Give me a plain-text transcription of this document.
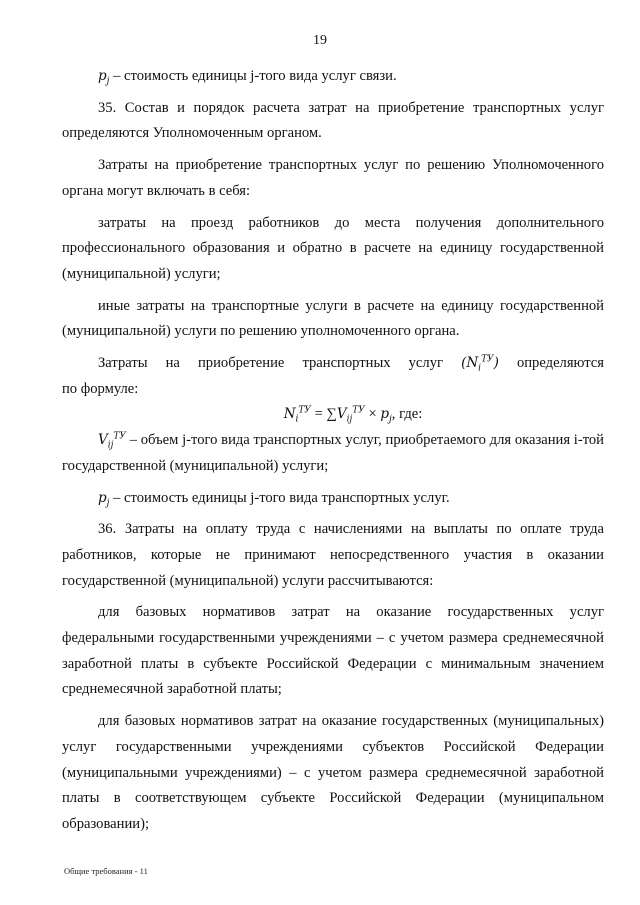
19

$p_j$ – стоимость единицы j-того вида услуг связи.

35. Состав и порядок расчета затрат на приобретение транспортных услуг определяются Уполномоченным органом.

Затраты на приобретение транспортных услуг по решению Уполномоченного органа могут включать в себя:

затраты на проезд работников до места получения дополнительного профессионального образования и обратно в расчете на единицу государственной (муниципальной) услуги;

иные затраты на транспортные услуги в расчете на единицу государственной (муниципальной) услуги по решению уполномоченного органа.

Затраты на приобретение транспортных услуг $(N_i^{ТУ})$ определяются

по формуле:

$N_i^{ТУ} = \sum V_{ij}^{ТУ} \times p_j$, где:

$V_{ij}^{ТУ}$ – объем j-того вида транспортных услуг, приобретаемого для оказания i-той государственной (муниципальной) услуги;

$p_j$ – стоимость единицы j-того вида транспортных услуг.

36. Затраты на оплату труда с начислениями на выплаты по оплате труда работников, которые не принимают непосредственного участия в оказании государственной (муниципальной) услуги рассчитываются:

для базовых нормативов затрат на оказание государственных услуг федеральными государственными учреждениями – с учетом размера среднемесячной заработной платы в субъекте Российской Федерации с минимальным значением среднемесячной заработной платы;

для базовых нормативов затрат на оказание государственных (муниципальных) услуг государственными учреждениями субъектов Российской Федерации (муниципальными учреждениями) – с учетом размера среднемесячной заработной платы в соответствующем субъекте Российской Федерации (муниципальном образовании);

Общие требования - 11
